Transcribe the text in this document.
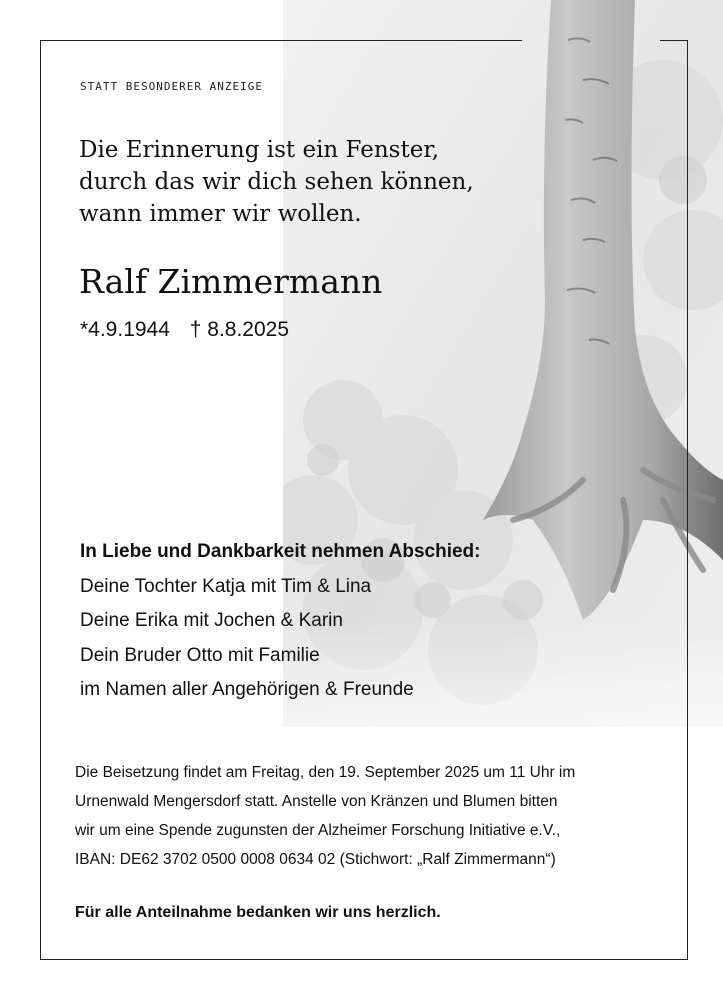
STATT BESONDERER ANZEIGE
Die Erinnerung ist ein Fenster,
durch das wir dich sehen können,
wann immer wir wollen.
Ralf Zimmermann
*4.9.1944 † 8.8.2025
In Liebe und Dankbarkeit nehmen Abschied:
Deine Tochter Katja mit Tim & Lina
Deine Erika mit Jochen & Karin
Dein Bruder Otto mit Familie
im Namen aller Angehörigen & Freunde
Die Beisetzung findet am Freitag, den 19. September 2025 um 11 Uhr im
Urnenwald Mengersdorf statt. Anstelle von Kränzen und Blumen bitten
wir um eine Spende zugunsten der Alzheimer Forschung Initiative e.V.,
IBAN: DE62 3702 0500 0008 0634 02 (Stichwort: „Ralf Zimmermann“)
Für alle Anteilnahme bedanken wir uns herzlich.
